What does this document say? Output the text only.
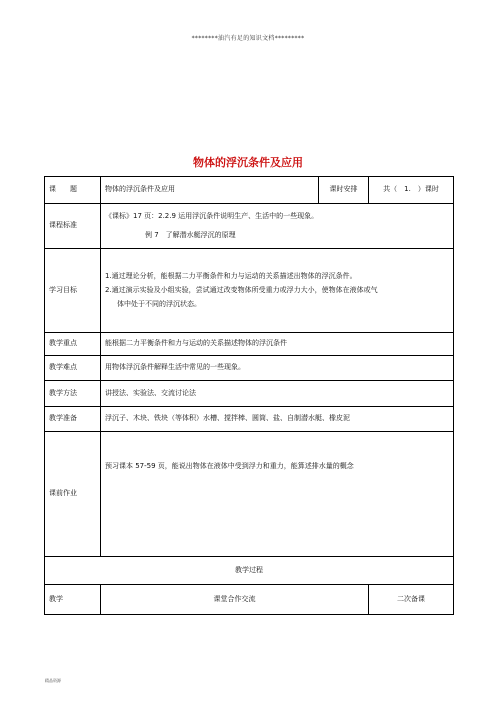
********油汽有足的知识文档*********
物体的浮沉条件及应用
课　　题	物体的浮沉条件及应用	课时安排	共（　1.　）课时
课程标准	《课标》17 页：2.2.9 运用浮沉条件说明生产、生活中的一些现象。
例 7　了解潜水艇浮沉的原理		

学习目标	1.通过理论分析，能根据二力平衡条件和力与运动的关系描述出物体的浮沉条件。
2.通过演示实验及小组实验，尝试通过改变物体所受重力或浮力大小，使物体在液体或气
体中处于不同的浮沉状态。		

教学重点	能根据二力平衡条件和力与运动的关系描述物体的浮沉条件		
教学难点	用物体浮沉条件解释生活中常见的一些现象。		
教学方法	讲授法、实验法、交流讨论法		
教学准备	浮沉子、木块、铁块（等体积）水槽、搅拌棒、圆筒、盐、自制潜水艇、橡皮泥		
课前作业	预习课本 57-59 页，能说出物体在液体中受到浮力和重力，能算述排水量的概念		
教学过程			
教学	课堂合作交流		二次备课
精品资源
